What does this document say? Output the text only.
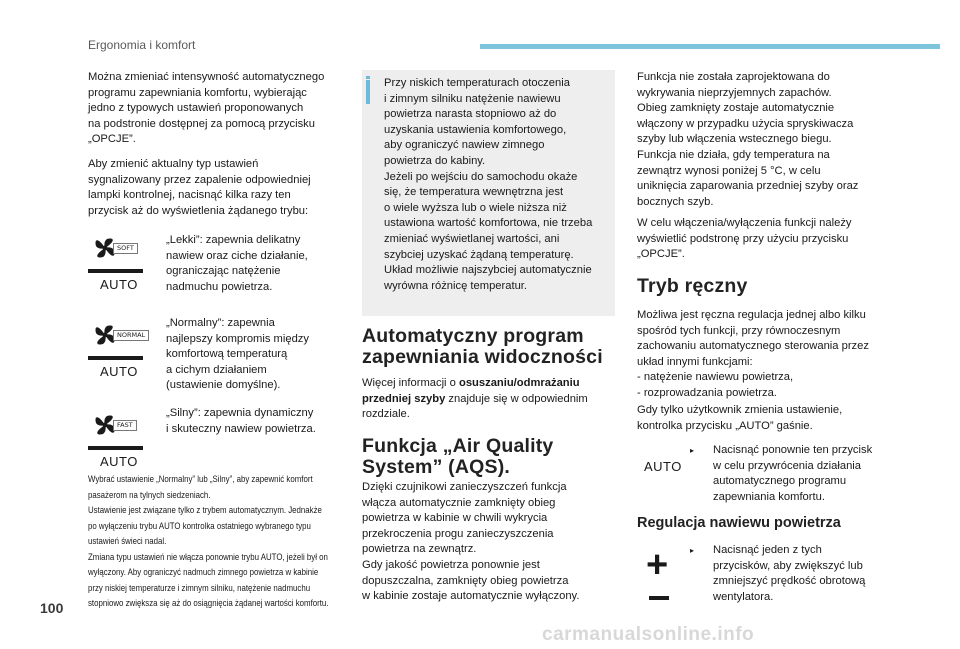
Ergonomia i komfort

Można zmieniać intensywność automatycznego
programu zapewniania komfortu, wybierając
jedno z typowych ustawień proponowanych
na podstronie dostępnej za pomocą przycisku
„OPCJE”.

Aby zmienić aktualny typ ustawień
sygnalizowany przez zapalenie odpowiedniej
lampki kontrolnej, nacisnąć kilka razy ten
przycisk aż do wyświetlenia żądanego trybu:

SOFT
AUTO

„Lekki”: zapewnia delikatny
nawiew oraz ciche działanie,
ograniczając natężenie
nadmuchu powietrza.

NORMAL
AUTO

„Normalny”: zapewnia
najlepszy kompromis między
komfortową temperaturą
a cichym działaniem
(ustawienie domyślne).

FAST
AUTO

„Silny”: zapewnia dynamiczny
i skuteczny nawiew powietrza.

Wybrać ustawienie „Normalny” lub „Silny”, aby zapewnić komfort
pasażerom na tylnych siedzeniach.
Ustawienie jest związane tylko z trybem automatycznym. Jednakże
po wyłączeniu trybu AUTO kontrolka ostatniego wybranego typu
ustawień świeci nadal.
Zmiana typu ustawień nie włącza ponownie trybu AUTO, jeżeli był on
wyłączony. Aby ograniczyć nadmuch zimnego powietrza w kabinie
przy niskiej temperaturze i zimnym silniku, natężenie nadmuchu
stopniowo zwiększa się aż do osiągnięcia żądanej wartości komfortu.

Przy niskich temperaturach otoczenia
i zimnym silniku natężenie nawiewu
powietrza narasta stopniowo aż do
uzyskania ustawienia komfortowego,
aby ograniczyć nawiew zimnego
powietrza do kabiny.
Jeżeli po wejściu do samochodu okaże
się, że temperatura wewnętrzna jest
o wiele wyższa lub o wiele niższa niż
ustawiona wartość komfortowa, nie trzeba
zmieniać wyświetlanej wartości, ani
szybciej uzyskać żądaną temperaturę.
Układ możliwie najszybciej automatycznie
wyrówna różnicę temperatur.

Automatyczny program
zapewniania widoczności

Więcej informacji o osuszaniu/odmrażaniu
przedniej szyby znajduje się w odpowiednim
rozdziale.

Funkcja „Air Quality
System” (AQS).

Dzięki czujnikowi zanieczyszczeń funkcja
włącza automatycznie zamknięty obieg
powietrza w kabinie w chwili wykrycia
przekroczenia progu zanieczyszczenia
powietrza na zewnątrz.
Gdy jakość powietrza ponownie jest
dopuszczalna, zamknięty obieg powietrza
w kabinie zostaje automatycznie wyłączony.

Funkcja nie została zaprojektowana do
wykrywania nieprzyjemnych zapachów.
Obieg zamknięty zostaje automatycznie
włączony w przypadku użycia spryskiwacza
szyby lub włączenia wstecznego biegu.
Funkcja nie działa, gdy temperatura na
zewnątrz wynosi poniżej 5 °C, w celu
uniknięcia zaparowania przedniej szyby oraz
bocznych szyb.

W celu włączenia/wyłączenia funkcji należy
wyświetlić podstronę przy użyciu przycisku
„OPCJE”.

Tryb ręczny

Możliwa jest ręczna regulacja jednej albo kilku
spośród tych funkcji, przy równoczesnym
zachowaniu automatycznego sterowania przez
układ innymi funkcjami:
- natężenie nawiewu powietrza,
- rozprowadzania powietrza.

Gdy tylko użytkownik zmienia ustawienie,
kontrolka przycisku „AUTO” gaśnie.

AUTO
▸ Nacisnąć ponownie ten przycisk
w celu przywrócenia działania
automatycznego programu
zapewniania komfortu.

Regulacja nawiewu powietrza
+	▸ Nacisnąć jeden z tych
przycisków, aby zwiększyć lub
zmniejszyć prędkość obrotową
wentylatora.

100
carmanualsonline.info
